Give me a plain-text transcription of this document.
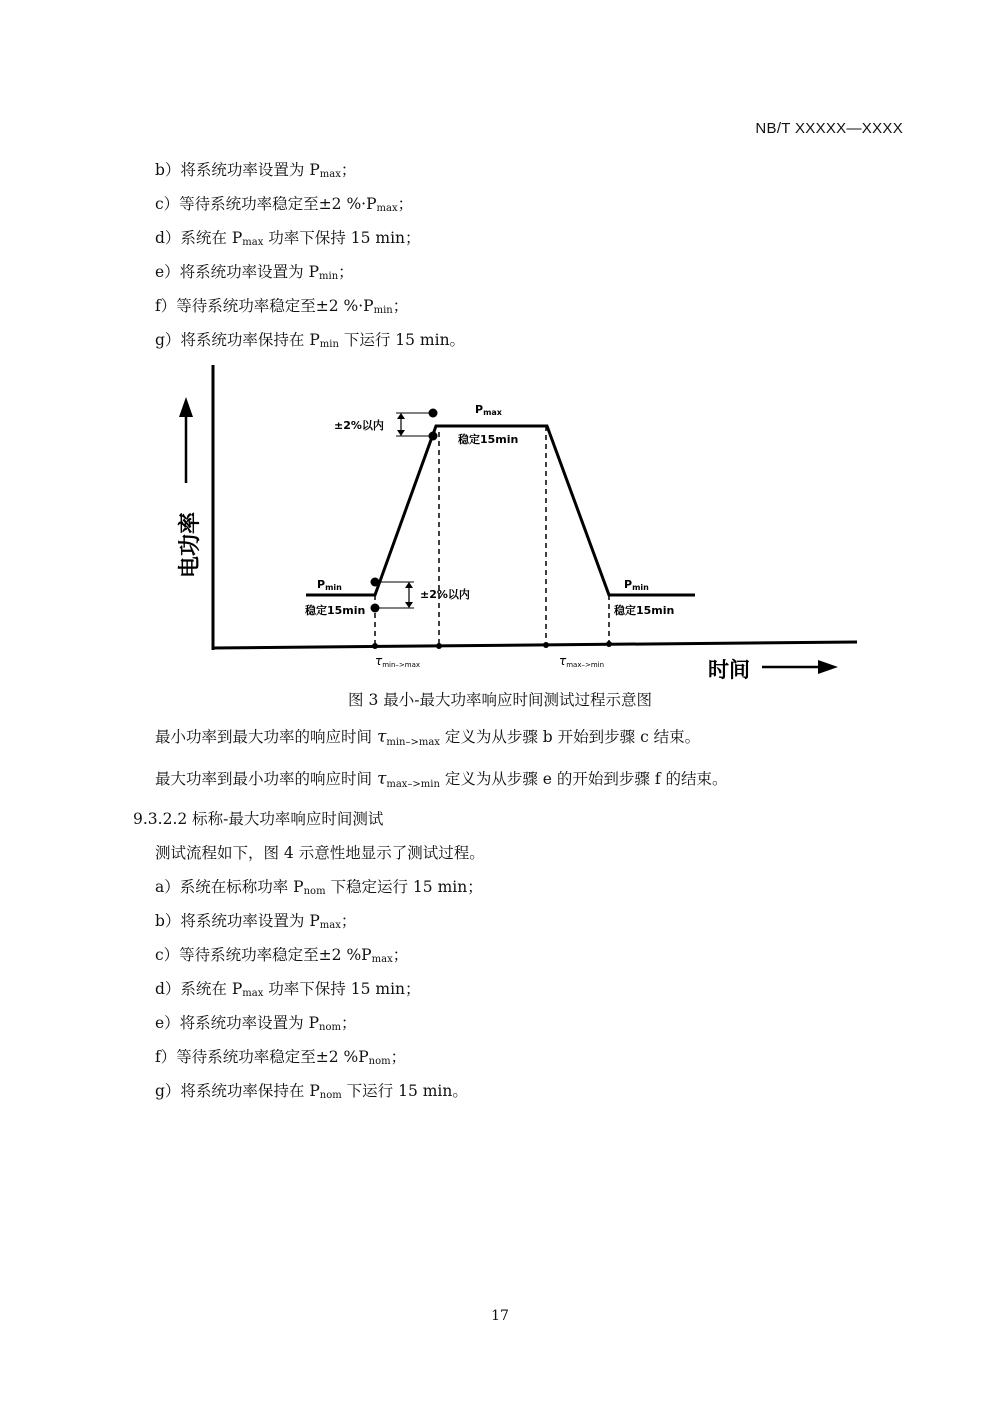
NB/T XXXXX—XXXX
b）将系统功率设置为 $P_{max}$；
c）等待系统功率稳定至±2 $\%\cdot P_{max}$；
d）系统在 $P_{max}$ 功率下保持 15 min；
e）将系统功率设置为 $P_{min}$；
f）等待系统功率稳定至±2 $\%\cdot P_{min}$；
g）将系统功率保持在 $P_{min}$ 下运行 15 min。
电功率
时间
±2%以内
±2%以内
Pmax
稳定15min
Pmin
稳定15min
Pmin
稳定15min
$\tau_{min->max}$	$\tau_{max->min}$
图 3 最小-最大功率响应时间测试过程示意图
最小功率到最大功率的响应时间 $\tau_{min->max}$ 定义为从步骤 b 开始到步骤 c 结束。
最大功率到最小功率的响应时间 $\tau_{max->min}$ 定义为从步骤 e 的开始到步骤 f 的结束。
9.3.2.2 标称-最大功率响应时间测试
测试流程如下，图 4 示意性地显示了测试过程。
a）系统在标称功率 $P_{nom}$ 下稳定运行 15 min；
b）将系统功率设置为 $P_{max}$；
c）等待系统功率稳定至±2 $\%P_{max}$；
d）系统在 $P_{max}$ 功率下保持 15 min；
e）将系统功率设置为 $P_{nom}$；
f）等待系统功率稳定至±2 $\%P_{nom}$；
g）将系统功率保持在 $P_{nom}$ 下运行 15 min。
17
